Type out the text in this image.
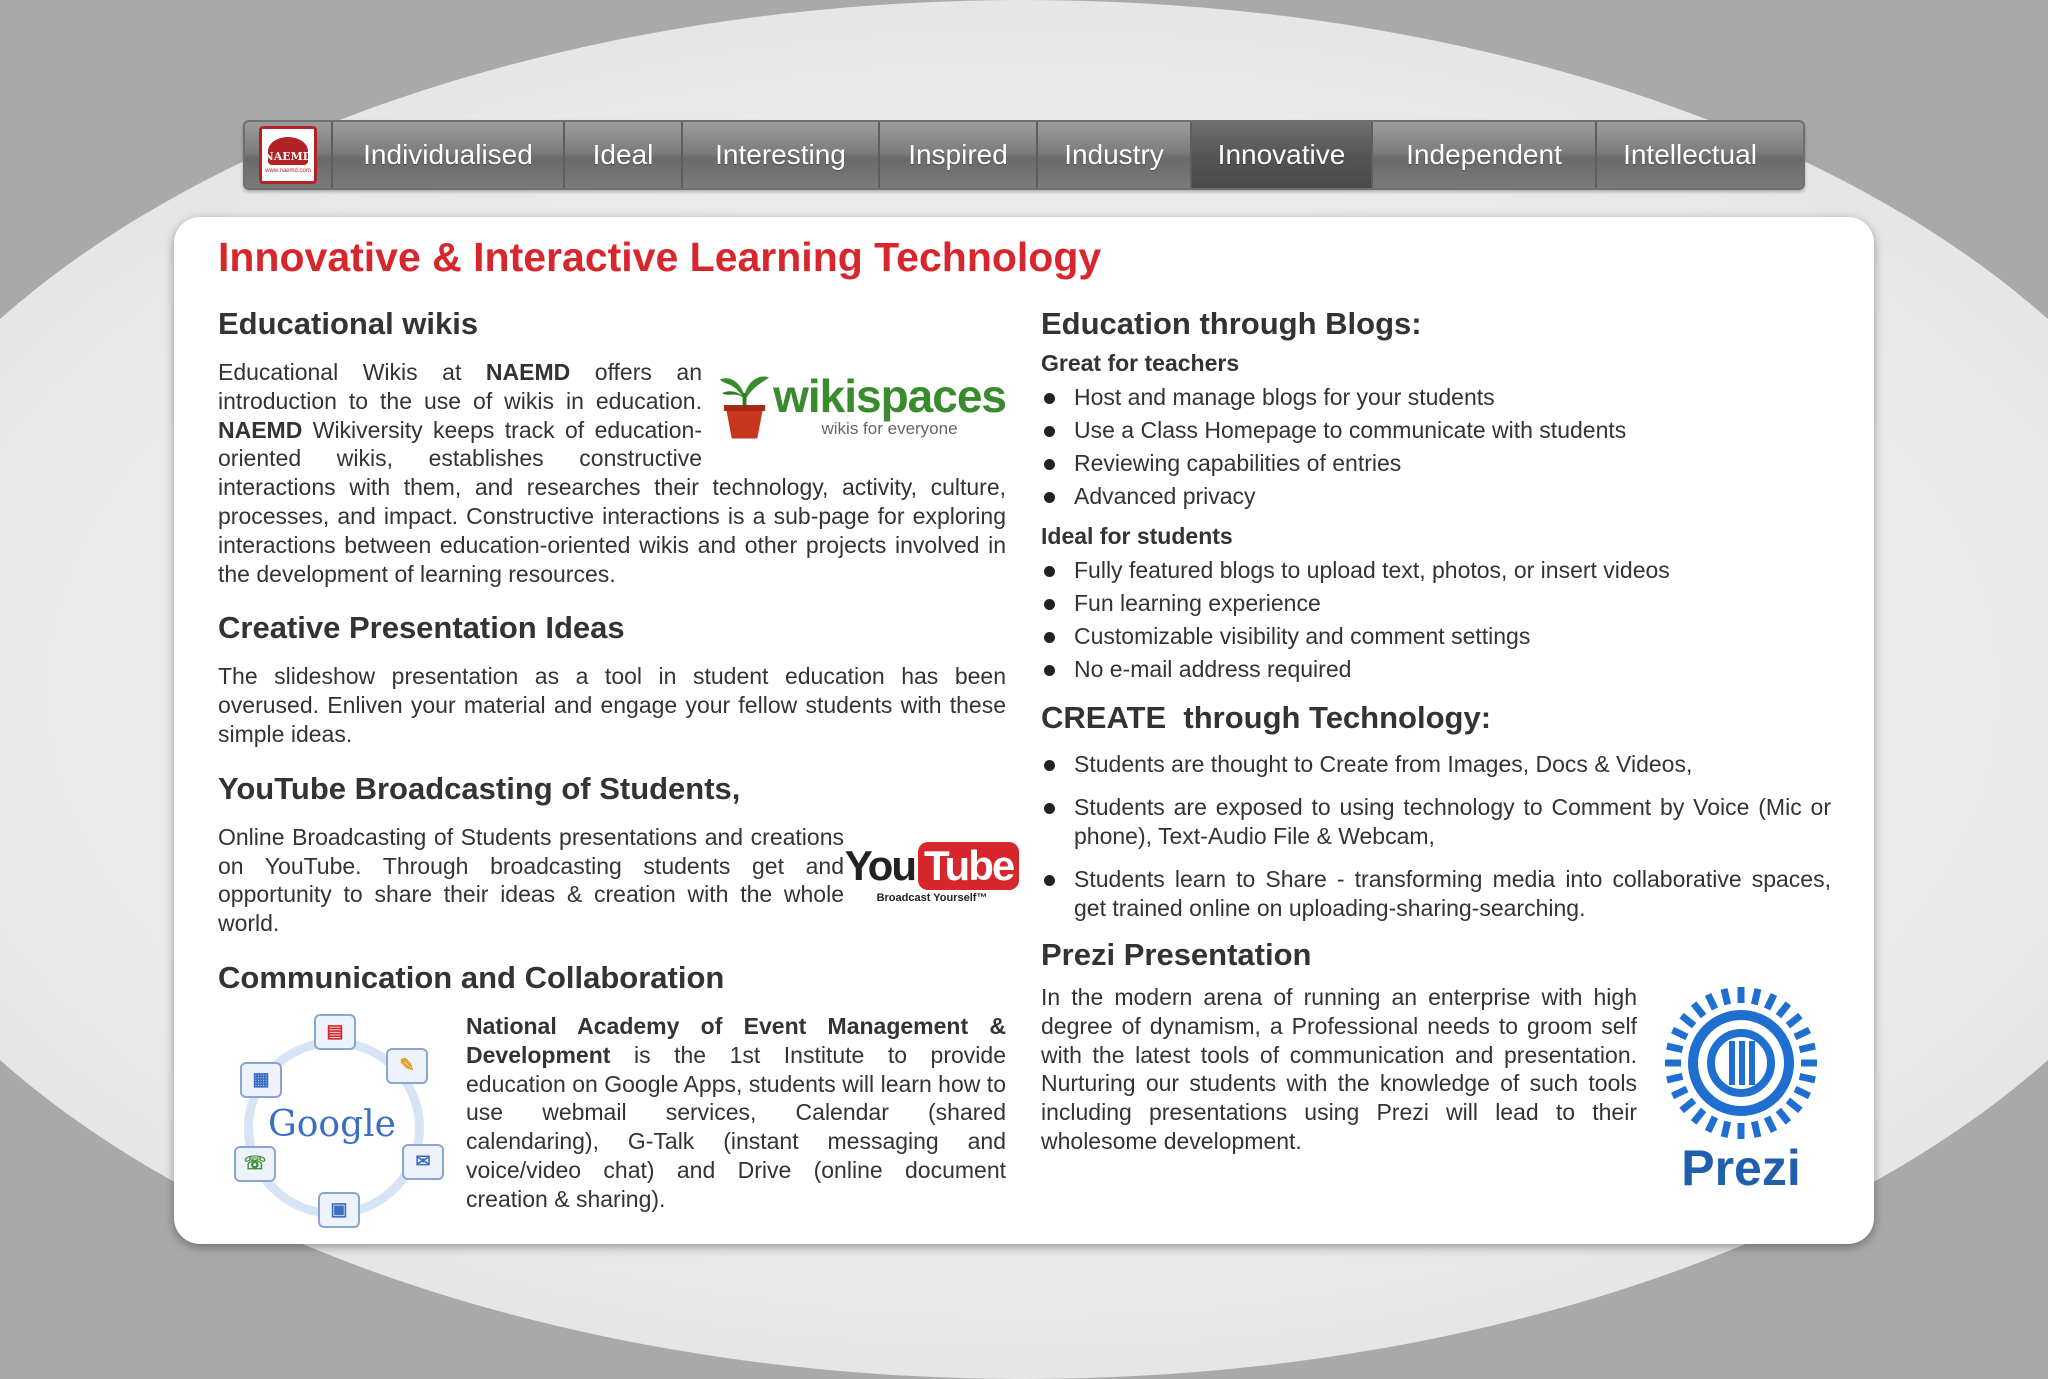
NAEMD
www.naemd.com
Individualised	Ideal	Interesting	Inspired	Industry	Innovative	Independent	Intellectual
Innovative & Interactive Learning Technology
Educational wikis
wikispaces
wikis for everyone

Educational Wikis at NAEMD offers an introduction to the use of wikis in education. NAEMD Wikiversity keeps track of education-oriented wikis, establishes constructive interactions with them, and researches their technology, activity, culture, processes, and impact. Constructive interactions is a sub-page for exploring interactions between education-oriented wikis and other projects involved in the development of learning resources.

Creative Presentation Ideas

The slideshow presentation as a tool in student education has been overused. Enliven your material and engage your fellow students with these simple ideas.

YouTube Broadcasting of Students,
You Tube
Broadcast Yourself™

Online Broadcasting of Students presentations and creations on YouTube. Through broadcasting students get and opportunity to share their ideas & creation with the whole world.

Communication and Collaboration
Google
▤
✎
▦
✉
☏
▣

National Academy of Event Management & Development is the 1st Institute to provide education on Google Apps, students will learn how to use webmail services, Calendar (shared calendaring), G-Talk (instant messaging and voice/video chat) and Drive (online document creation & sharing).

Education through Blogs:
Great for teachers
Host and manage blogs for your students
Use a Class Homepage to communicate with students
Reviewing capabilities of entries
Advanced privacy
Ideal for students
Fully featured blogs to upload text, photos, or insert videos
Fun learning experience
Customizable visibility and comment settings
No e-mail address required
CREATE  through Technology:
Students are thought to Create from Images, Docs & Videos,
Students are exposed to using technology to Comment by Voice (Mic or phone), Text-Audio File & Webcam,
Students learn to Share - transforming media into collaborative spaces, get trained online on uploading-sharing-searching.
Prezi Presentation
Prezi

In the modern arena of running an enterprise with high degree of dynamism, a Professional needs to groom self with the latest tools of communication and presentation. Nurturing our students with the knowledge of such tools including presentations using Prezi will lead to their wholesome development.
